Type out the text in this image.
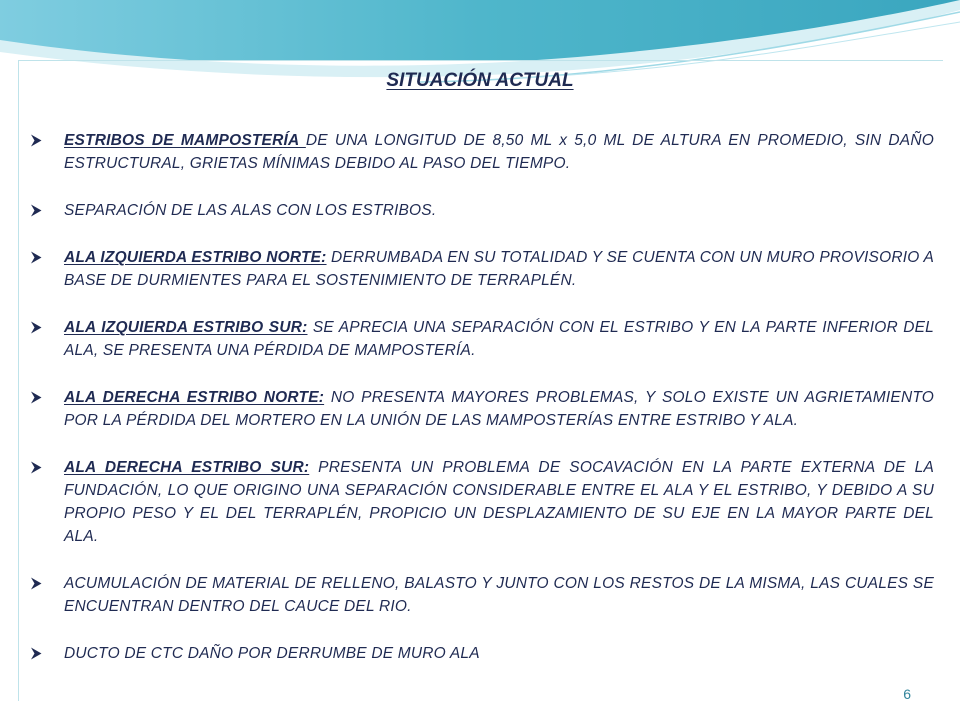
SITUACIÓN ACTUAL
ESTRIBOS DE MAMPOSTERÍA DE UNA LONGITUD DE 8,50 ML x 5,0 ML DE ALTURA EN PROMEDIO, SIN DAÑO ESTRUCTURAL, GRIETAS MÍNIMAS DEBIDO AL PASO DEL TIEMPO.
SEPARACIÓN DE LAS ALAS CON LOS ESTRIBOS.
ALA IZQUIERDA ESTRIBO NORTE: DERRUMBADA EN SU TOTALIDAD Y SE CUENTA CON UN MURO PROVISORIO A BASE DE DURMIENTES PARA EL SOSTENIMIENTO DE TERRAPLÉN.
ALA IZQUIERDA ESTRIBO SUR: SE APRECIA UNA SEPARACIÓN CON EL ESTRIBO Y EN LA PARTE INFERIOR DEL ALA, SE PRESENTA UNA PÉRDIDA DE MAMPOSTERÍA.
ALA DERECHA ESTRIBO NORTE: NO PRESENTA MAYORES PROBLEMAS, Y SOLO EXISTE UN AGRIETAMIENTO POR LA PÉRDIDA DEL MORTERO EN LA UNIÓN DE LAS MAMPOSTERÍAS ENTRE ESTRIBO Y ALA.
ALA DERECHA ESTRIBO SUR: PRESENTA UN PROBLEMA DE SOCAVACIÓN EN LA PARTE EXTERNA DE LA FUNDACIÓN, LO QUE ORIGINO UNA SEPARACIÓN CONSIDERABLE ENTRE EL ALA Y EL ESTRIBO, Y DEBIDO A SU PROPIO PESO Y EL DEL TERRAPLÉN, PROPICIO UN DESPLAZAMIENTO DE SU EJE EN LA MAYOR PARTE DEL ALA.
ACUMULACIÓN DE MATERIAL DE RELLENO, BALASTO Y JUNTO CON LOS RESTOS DE LA MISMA, LAS CUALES SE ENCUENTRAN DENTRO DEL CAUCE DEL RIO.
DUCTO DE CTC DAÑO POR DERRUMBE DE MURO ALA
6
